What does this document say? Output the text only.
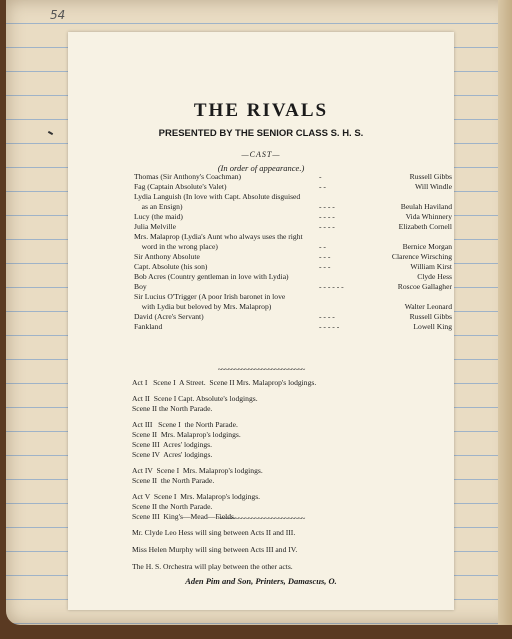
54
THE RIVALS
PRESENTED BY THE SENIOR CLASS S. H. S.
—CAST—
(In order of appearance.)
Thomas (Sir Anthony's Coachman)	-	Russell Gibbs
Fag (Captain Absolute's Valet)	- -	Will Windle
Lydia Languish (In love with Capt. Absolute disguised
as an Ensign)	- - - -	Beulah Haviland
Lucy (the maid)	- - - -	Vida Whinnery
Julia Melville	- - - -	Elizabeth Cornell
Mrs. Malaprop (Lydia's Aunt who always uses the right
word in the wrong place)	- -	Bernice Morgan
Sir Anthony Absolute	- - -	Clarence Wirsching
Capt. Absolute (his son)	- - -	William Kirst
Bob Acres (Country gentleman in love with Lydia)	Clyde Hess
Boy	- - - - - -	Roscoe Gallagher
Sir Lucius O'Trigger (A poor Irish baronet in love
with Lydia but beloved by Mrs. Malaprop)	Walter Leonard
David (Acre's Servant)	- - - -	Russell Gibbs
Fankland	- - - - -	Lowell King
~~~~~~~~~~~~~~~~~~~~~~~~~~
Act I   Scene I  A Street.  Scene II Mrs. Malaprop's lodgings.
Act II  Scene I Capt. Absolute's lodgings.
Scene II the North Parade.
Act III   Scene I  the North Parade.
Scene II  Mrs. Malaprop's lodgings.
Scene III  Acres' lodgings.
Scene IV  Acres' lodgings.
Act IV  Scene I  Mrs. Malaprop's lodgings.
Scene II  the North Parade.
Act V  Scene I  Mrs. Malaprop's lodgings.
Scene II the North Parade.
Scene III  King's—Mead—Fields.
~~~~~~~~~~~~~~~~~~~~~~~~~~
Mr. Clyde Leo Hess will sing between Acts II and III.
Miss Helen Murphy will sing between Acts III and IV.
The H. S. Orchestra will play between the other acts.
Aden Pim and Son, Printers, Damascus, O.
